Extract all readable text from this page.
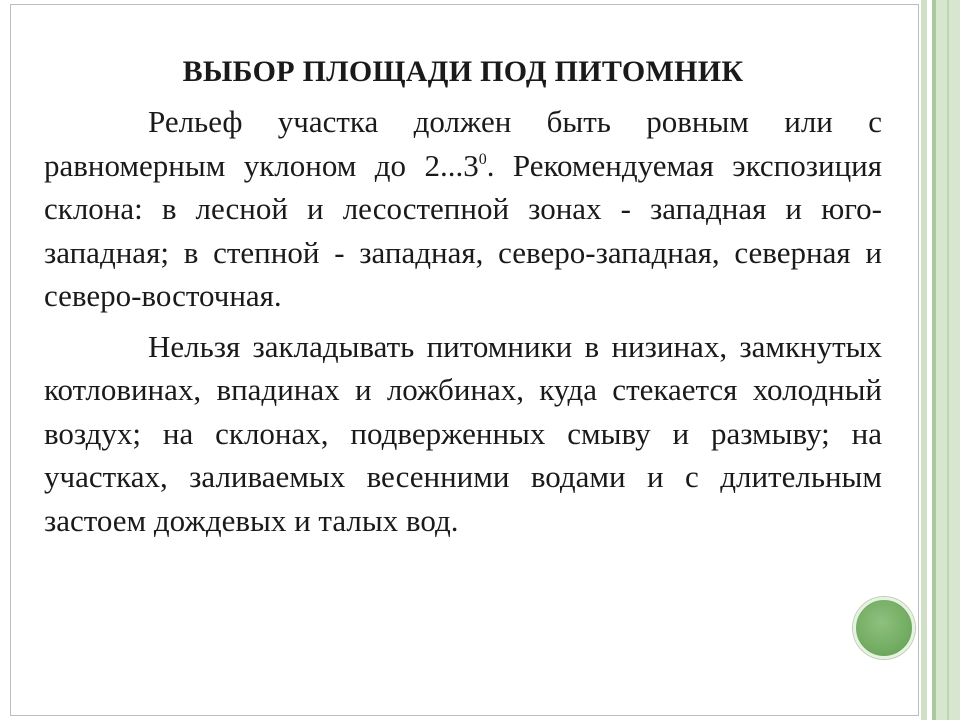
ВЫБОР ПЛОЩАДИ ПОД ПИТОМНИК

Рельеф участка должен быть ровным или с равномерным уклоном до 2...3$^0$. Рекомендуемая экспозиция склона: в лесной и лесостепной зонах - западная и юго-западная; в степной - западная, северо-западная, северная и северо-восточная.

Нельзя закладывать питомники в низинах, замкнутых котловинах, впадинах и ложбинах, куда стекается холодный воздух; на склонах, подверженных смыву и размыву; на участках, заливаемых весенними водами и с длительным застоем дождевых и талых вод.
